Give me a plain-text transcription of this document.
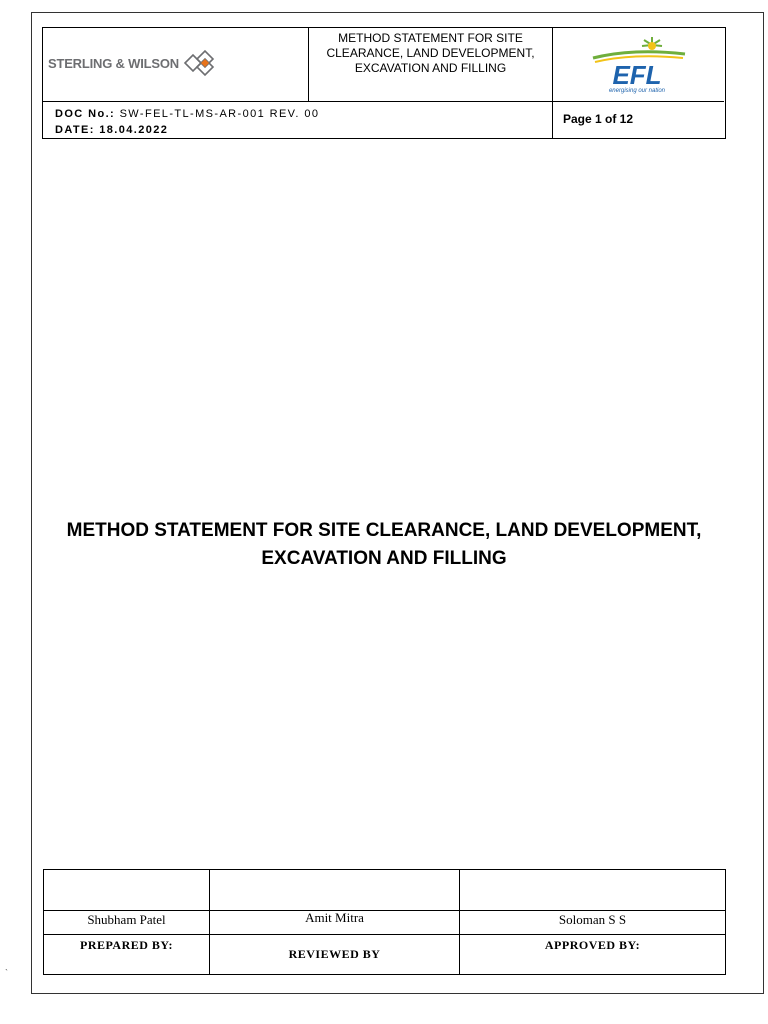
STERLING & WILSON
METHOD STATEMENT FOR SITE
CLEARANCE, LAND DEVELOPMENT,
EXCAVATION AND FILLING	EFL
energising our nation
DOC No.: SW-FEL-TL-MS-AR-001 REV. 00
DATE: 18.04.2022
Page 1 of 12
METHOD STATEMENT FOR SITE CLEARANCE, LAND DEVELOPMENT,
EXCAVATION AND FILLING
Shubham Patel
PREPARED BY:
Amit Mitra
REVIEWED BY
Soloman S S
APPROVED BY:
`
